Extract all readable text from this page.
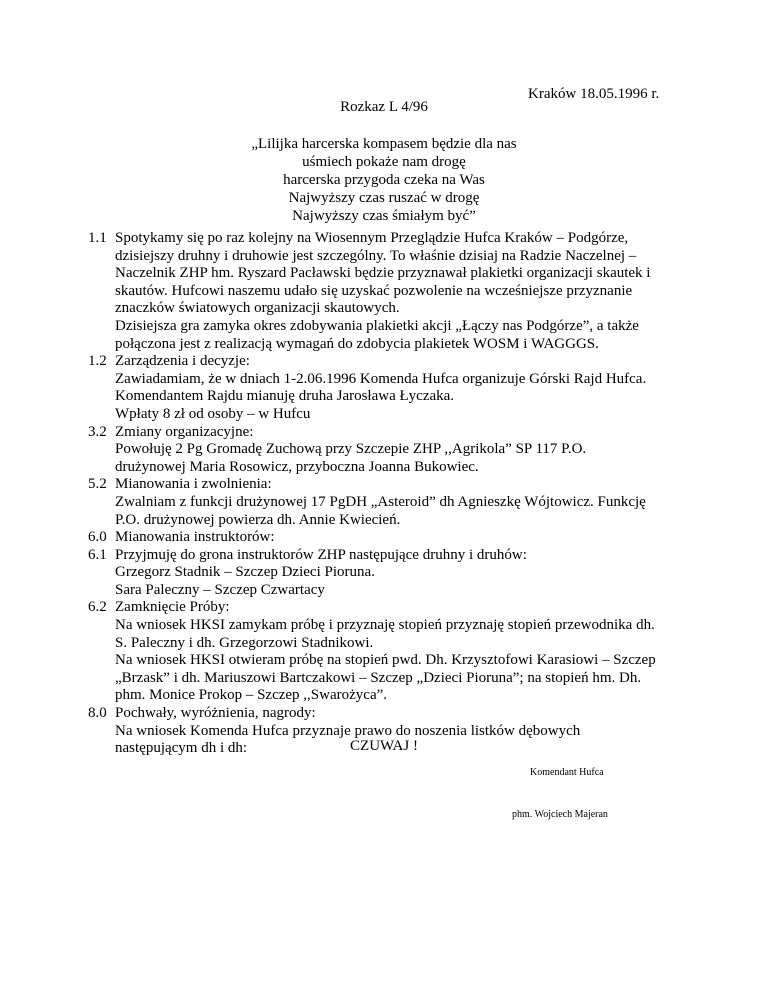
Kraków 18.05.1996 r.
Rozkaz L 4/96
„Lilijka harcerska kompasem będzie dla nas
uśmiech pokaże nam drogę
harcerska przygoda czeka na Was
Najwyższy czas ruszać w drogę
Najwyższy czas śmiałym być”
1.1 Spotykamy się po raz kolejny na Wiosennym Przeglądzie Hufca Kraków – Podgórze,
dzisiejszy druhny i druhowie jest szczególny. To właśnie dzisiaj na Radzie Naczelnej –
Naczelnik ZHP hm. Ryszard Pacławski będzie przyznawał plakietki organizacji skautek i
skautów. Hufcowi naszemu udało się uzyskać pozwolenie na wcześniejsze przyznanie
znaczków światowych organizacji skautowych.
Dzisiejsza gra zamyka okres zdobywania plakietki akcji „Łączy nas Podgórze”, a także
połączona jest z realizacją wymagań do zdobycia plakietek WOSM i WAGGGS.
1.2 Zarządzenia i decyzje:
Zawiadamiam, że w dniach 1-2.06.1996 Komenda Hufca organizuje Górski Rajd Hufca.
Komendantem Rajdu mianuję druha Jarosława Łyczaka.
Wpłaty 8 zł od osoby – w Hufcu
3.2 Zmiany organizacyjne:
Powołuję 2 Pg Gromadę Zuchową przy Szczepie ZHP ,,Agrikola” SP 117 P.O.
drużynowej Maria Rosowicz, przyboczna Joanna Bukowiec.
5.2 Mianowania i zwolnienia:
Zwalniam z funkcji drużynowej 17 PgDH „Asteroid” dh Agnieszkę Wójtowicz. Funkcję
P.O. drużynowej powierza dh. Annie Kwiecień.
6.0 Mianowania instruktorów:
6.1 Przyjmuję do grona instruktorów ZHP następujące druhny i druhów:
Grzegorz Stadnik – Szczep Dzieci Pioruna.
Sara Paleczny – Szczep Czwartacy
6.2 Zamknięcie Próby:
Na wniosek HKSI zamykam próbę i przyznaję stopień przyznaję stopień przewodnika dh.
S. Paleczny i dh. Grzegorzowi Stadnikowi.
Na wniosek HKSI otwieram próbę na stopień pwd. Dh. Krzysztofowi Karasiowi – Szczep
„Brzask” i dh. Mariuszowi Bartczakowi – Szczep „Dzieci Pioruna”; na stopień hm. Dh.
phm. Monice Prokop – Szczep ,,Swarożyca”.
8.0 Pochwały, wyróżnienia, nagrody:
Na wniosek Komenda Hufca przyznaje prawo do noszenia listków dębowych
następującym dh i dh:	CZUWAJ !
Komendant Hufca
phm. Wojciech Majeran
